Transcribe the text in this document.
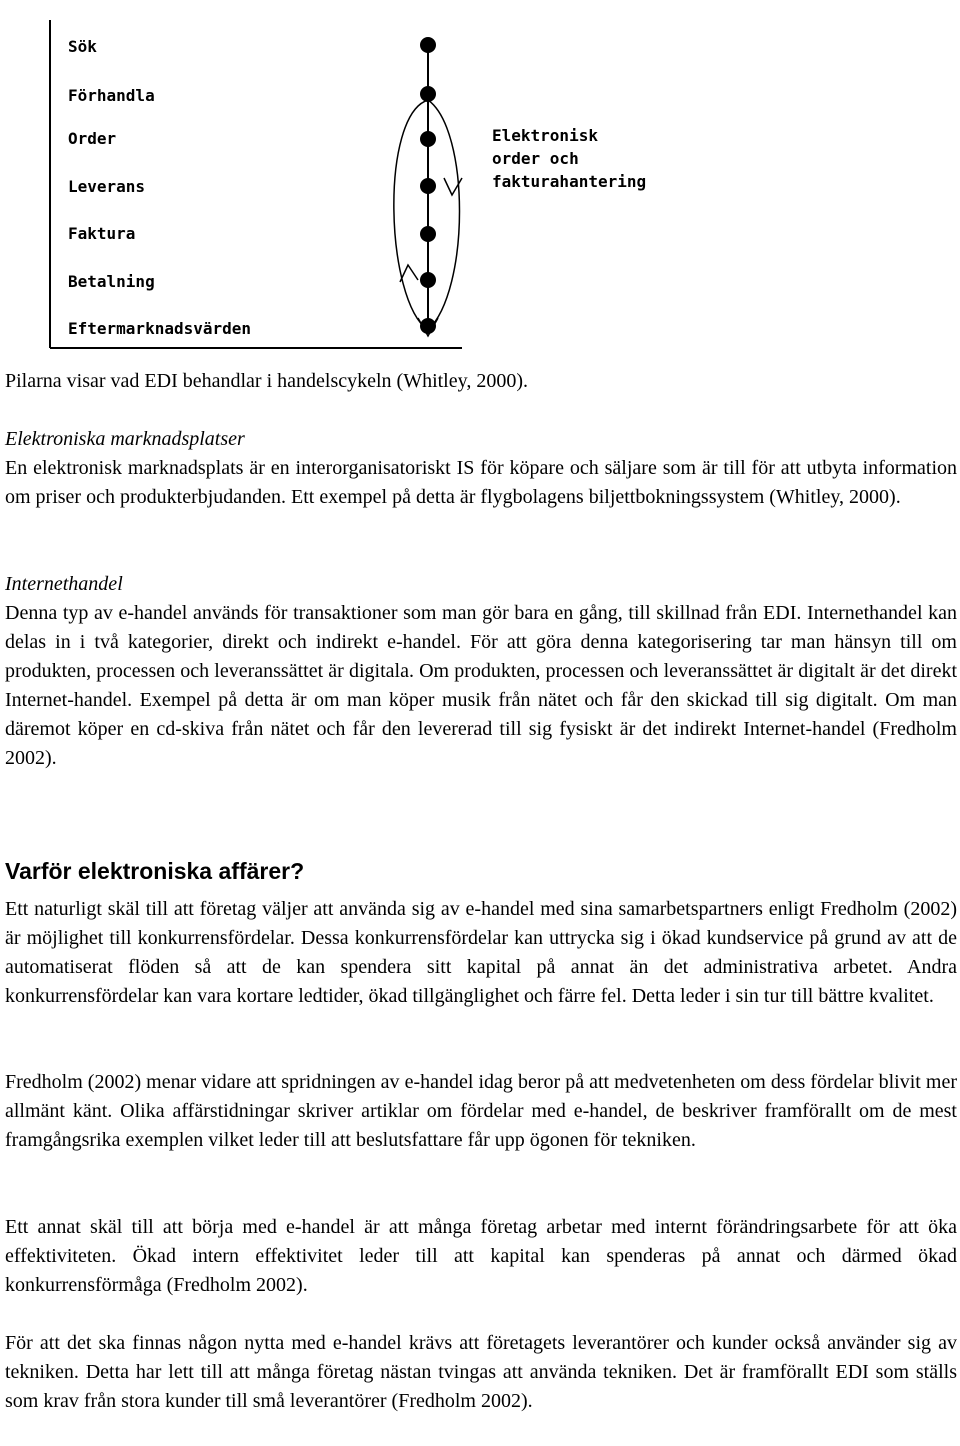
Sök
Förhandla
Order
Leverans
Faktura
Betalning
Eftermarknadsvärden
Elektronisk
order och
fakturahantering

Pilarna visar vad EDI behandlar i handelscykeln (Whitley, 2000).

Elektroniska marknadsplatser

En elektronisk marknadsplats är en interorganisatoriskt IS för köpare och säljare som är till för att utbyta information om priser och produkterbjudanden. Ett exempel på detta är flygbolagens biljettbokningssystem (Whitley, 2000).

Internethandel

Denna typ av e-handel används för transaktioner som man gör bara en gång, till skillnad från EDI. Internethandel kan delas in i två kategorier, direkt och indirekt e-handel. För att göra denna kategorisering tar man hänsyn till om produkten, processen och leveranssättet är digitala. Om produkten, processen och leveranssättet är digitalt är det direkt Internet-handel. Exempel på detta är om man köper musik från nätet och får den skickad till sig digitalt. Om man däremot köper en cd-skiva från nätet och får den levererad till sig fysiskt är det indirekt Internet-handel (Fredholm 2002).

Varför elektroniska affärer?

Ett naturligt skäl till att företag väljer att använda sig av e-handel med sina samarbetspartners enligt Fredholm (2002) är möjlighet till konkurrensfördelar. Dessa konkurrensfördelar kan uttrycka sig i ökad kundservice på grund av att de automatiserat flöden så att de kan spendera sitt kapital på annat än det administrativa arbetet. Andra konkurrensfördelar kan vara kortare ledtider, ökad tillgänglighet och färre fel. Detta leder i sin tur till bättre kvalitet.

Fredholm (2002) menar vidare att spridningen av e-handel idag beror på att medvetenheten om dess fördelar blivit mer allmänt känt. Olika affärstidningar skriver artiklar om fördelar med e-handel, de beskriver framförallt om de mest framgångsrika exemplen vilket leder till att beslutsfattare får upp ögonen för tekniken.

Ett annat skäl till att börja med e-handel är att många företag arbetar med internt förändringsarbete för att öka effektiviteten. Ökad intern effektivitet leder till att kapital kan spenderas på annat och därmed ökad konkurrensförmåga (Fredholm 2002).

För att det ska finnas någon nytta med e-handel krävs att företagets leverantörer och kunder också använder sig av tekniken. Detta har lett till att många företag nästan tvingas att använda tekniken. Det är framförallt EDI som ställs som krav från stora kunder till små leverantörer (Fredholm 2002).
